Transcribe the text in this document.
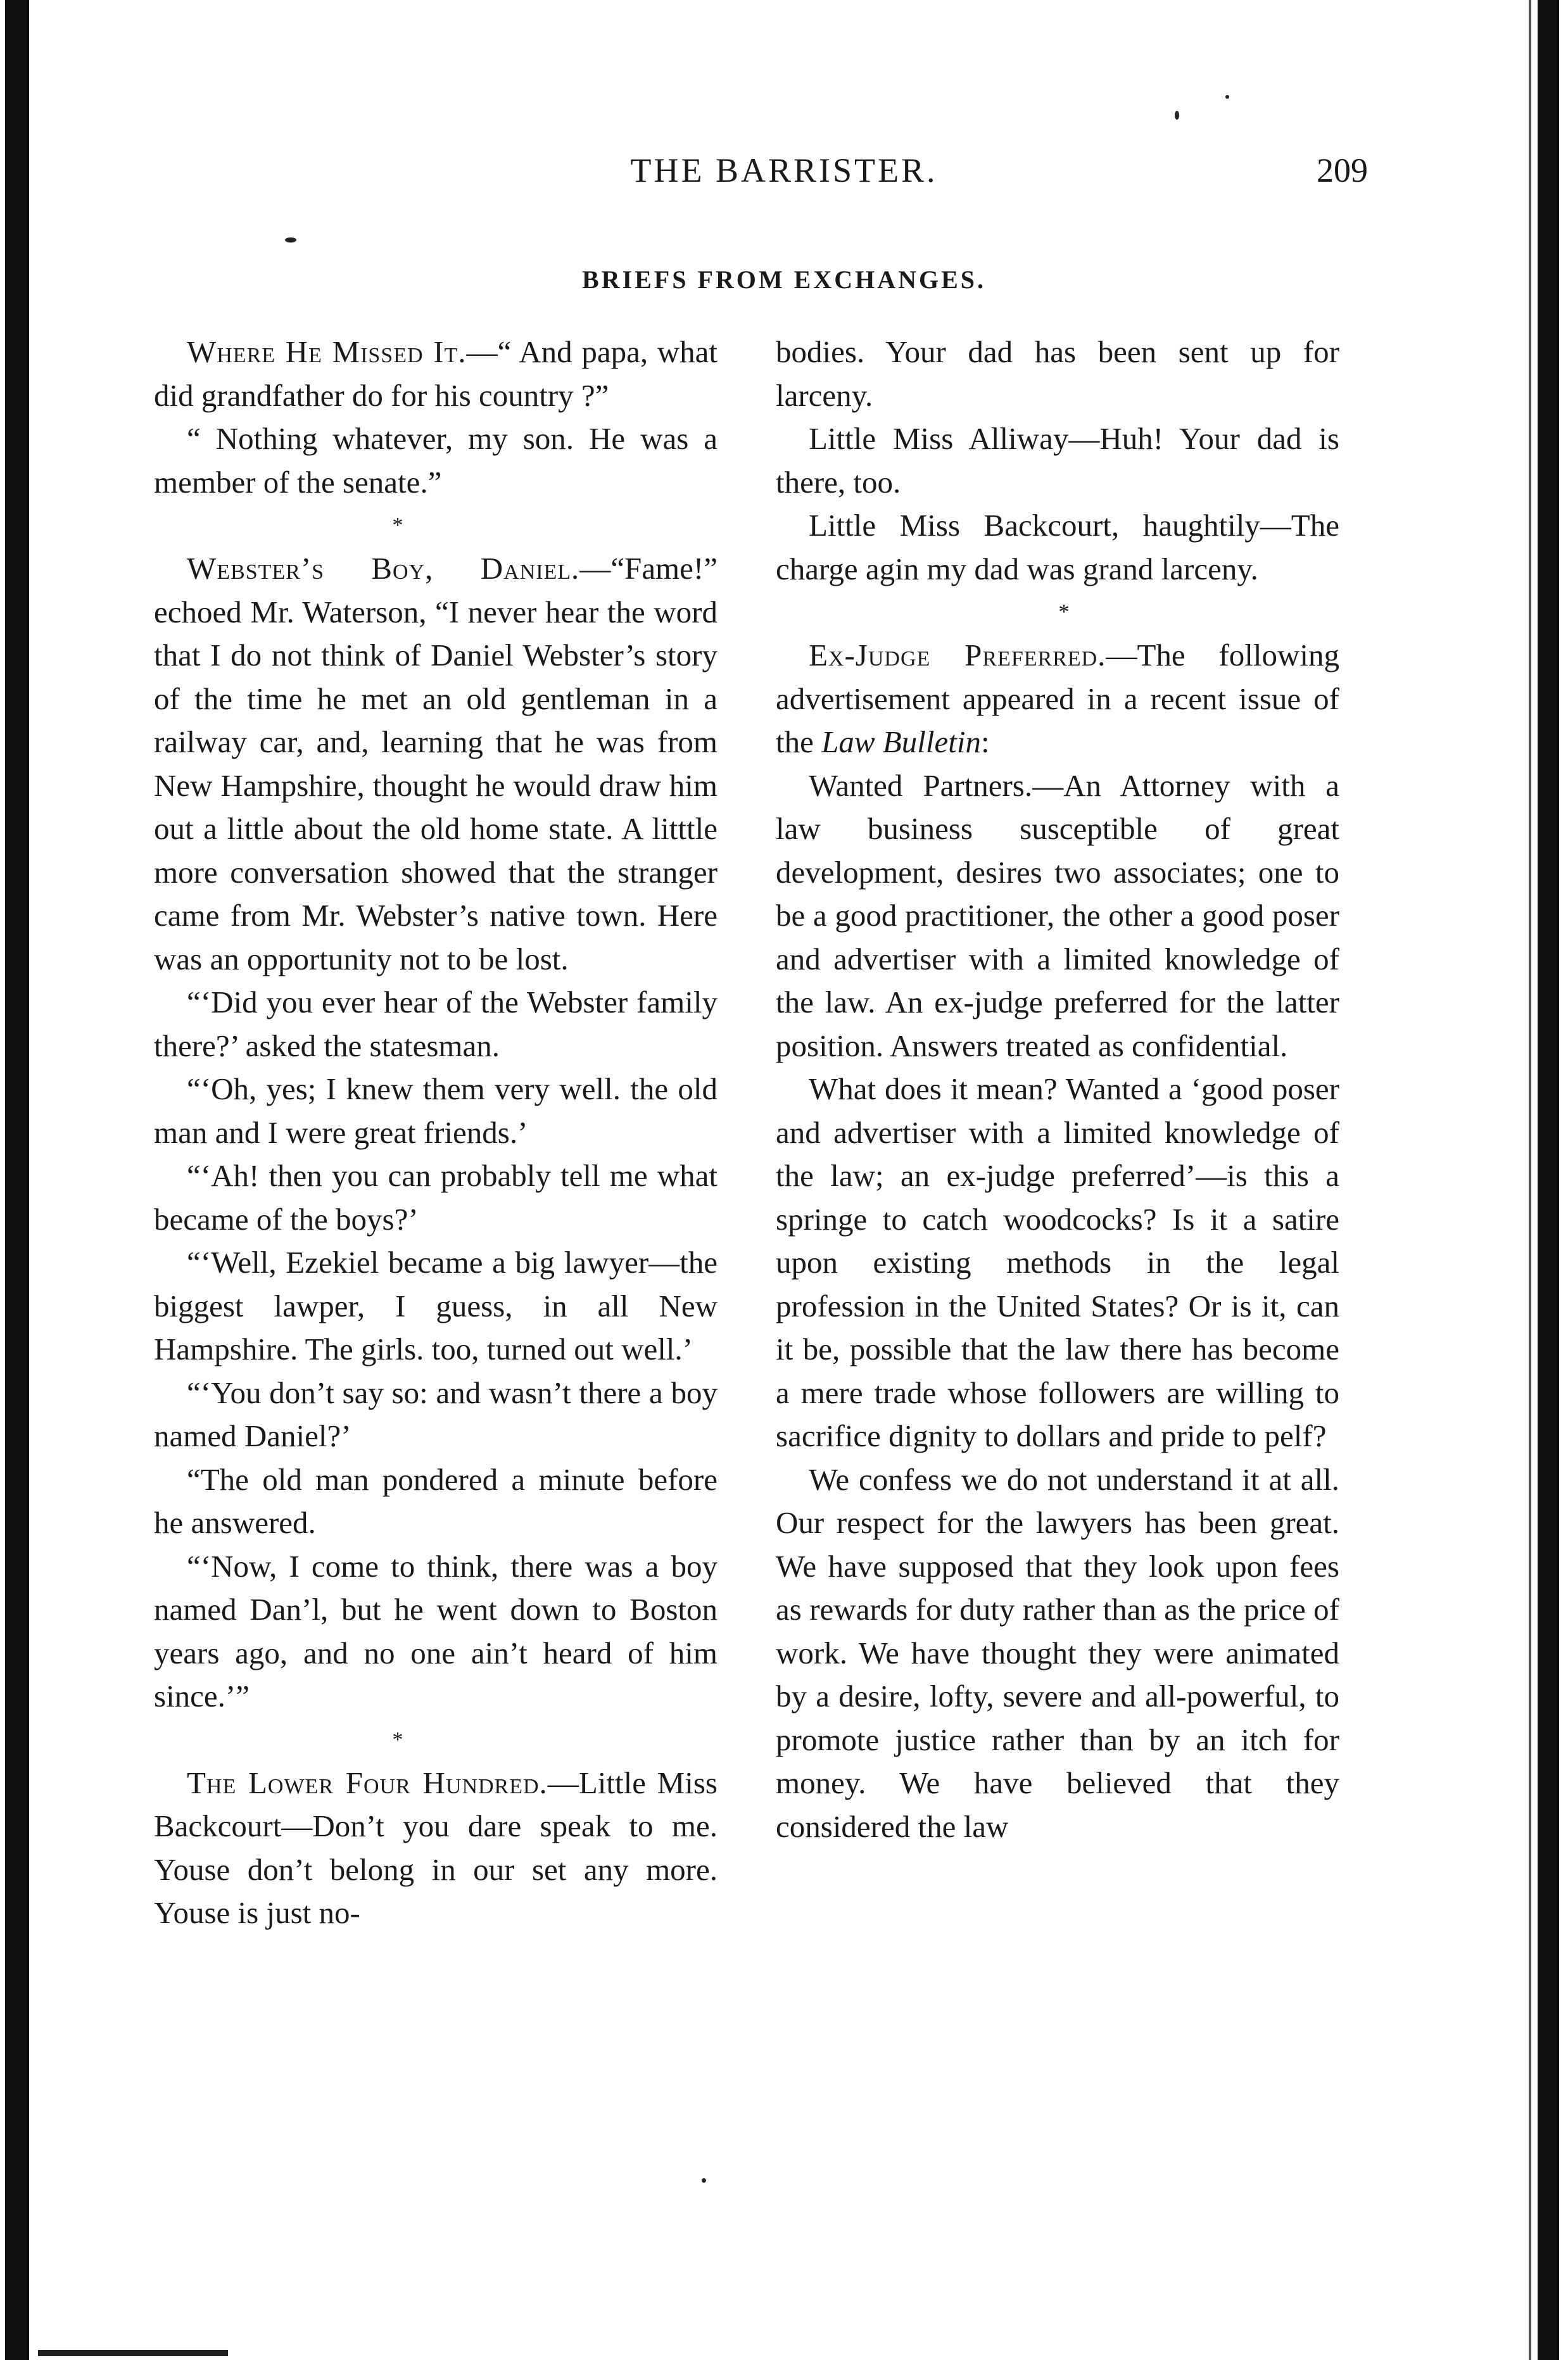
THE BARRISTER.	209
BRIEFS FROM EXCHANGES.

Where He Missed It.—“ And papa, what did grandfather do for his country ?”

“ Nothing whatever, my son. He was a member of the senate.”

*

Webster’s Boy, Daniel.—“Fame!” echoed Mr. Waterson, “I never hear the word that I do not think of Daniel Webster’s story of the time he met an old gentleman in a railway car, and, learning that he was from New Hampshire, thought he would draw him out a little about the old home state. A litttle more conversation showed that the stranger came from Mr. Webster’s native town. Here was an opportunity not to be lost.

“‘Did you ever hear of the Webster family there?’ asked the statesman.

“‘Oh, yes; I knew them very well. the old man and I were great friends.’

“‘Ah! then you can probably tell me what became of the boys?’

“‘Well, Ezekiel became a big lawyer—the biggest lawper, I guess, in all New Hampshire. The girls. too, turned out well.’

“‘You don’t say so: and wasn’t there a boy named Daniel?’

“The old man pondered a minute before he answered.

“‘Now, I come to think, there was a boy named Dan’l, but he went down to Boston years ago, and no one ain’t heard of him since.’”

*

The Lower Four Hundred.—Little Miss Backcourt—Don’t you dare speak to me. Youse don’t belong in our set any more. Youse is just no-

bodies. Your dad has been sent up for larceny.

Little Miss Alliway—Huh! Your dad is there, too.

Little Miss Backcourt, haughtily—The charge agin my dad was grand larceny.

*

Ex-Judge Preferred.—The following advertisement appeared in a recent issue of the Law Bulletin:

Wanted Partners.—An Attorney with a law business susceptible of great development, desires two associates; one to be a good practitioner, the other a good poser and advertiser with a limited knowledge of the law. An ex-judge preferred for the latter position. Answers treated as confidential.

What does it mean? Wanted a ‘good poser and advertiser with a limited knowledge of the law; an ex-judge preferred’—is this a springe to catch woodcocks? Is it a satire upon existing methods in the legal profession in the United States? Or is it, can it be, possible that the law there has become a mere trade whose followers are willing to sacrifice dignity to dollars and pride to pelf?

We confess we do not understand it at all. Our respect for the lawyers has been great. We have supposed that they look upon fees as rewards for duty rather than as the price of work. We have thought they were animated by a desire, lofty, severe and all-powerful, to promote justice rather than by an itch for money. We have believed that they considered the law
